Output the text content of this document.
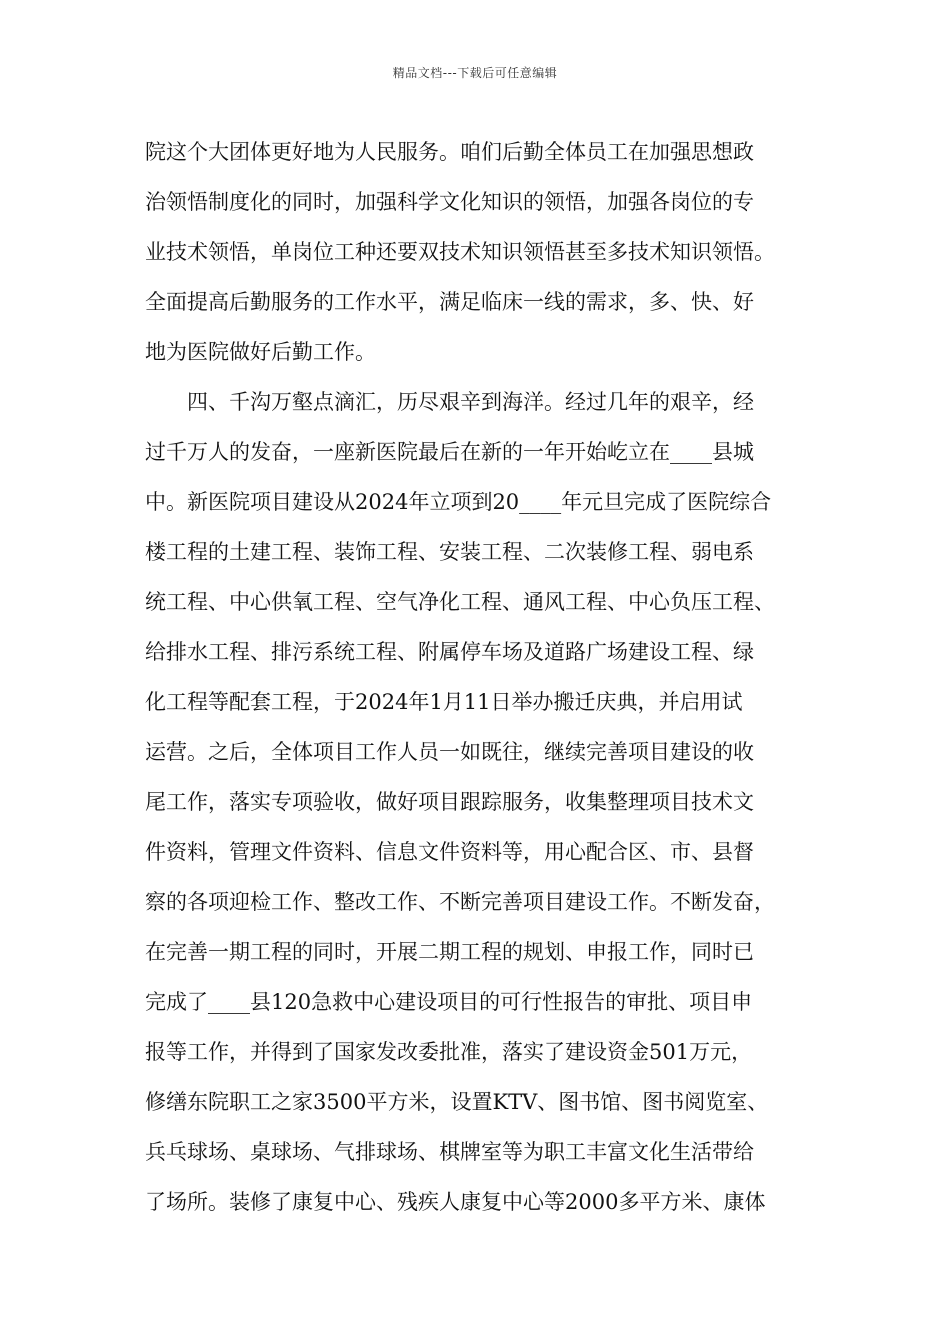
精品文档---下载后可任意编辑
院这个大团体更好地为人民服务。咱们后勤全体员工在加强思想政
治领悟制度化的同时，加强科学文化知识的领悟，加强各岗位的专
业技术领悟，单岗位工种还要双技术知识领悟甚至多技术知识领悟。
全面提高后勤服务的工作水平，满足临床一线的需求，多、快、好
地为医院做好后勤工作。
四、千沟万壑点滴汇，历尽艰辛到海洋。经过几年的艰辛，经
过千万人的发奋，一座新医院最后在新的一年开始屹立在____县城
中。新医院项目建设从2024年立项到20____年元旦完成了医院综合
楼工程的土建工程、装饰工程、安装工程、二次装修工程、弱电系
统工程、中心供氧工程、空气净化工程、通风工程、中心负压工程、
给排水工程、排污系统工程、附属停车场及道路广场建设工程、绿
化工程等配套工程，于2024年1月11日举办搬迁庆典，并启用试
运营。之后，全体项目工作人员一如既往，继续完善项目建设的收
尾工作，落实专项验收，做好项目跟踪服务，收集整理项目技术文
件资料，管理文件资料、信息文件资料等，用心配合区、市、县督
察的各项迎检工作、整改工作、不断完善项目建设工作。不断发奋，
在完善一期工程的同时，开展二期工程的规划、申报工作，同时已
完成了____县120急救中心建设项目的可行性报告的审批、项目申
报等工作，并得到了国家发改委批准，落实了建设资金501万元，
修缮东院职工之家3500平方米，设置KTV、图书馆、图书阅览室、
兵乓球场、桌球场、气排球场、棋牌室等为职工丰富文化生活带给
了场所。装修了康复中心、残疾人康复中心等2000多平方米、康体
